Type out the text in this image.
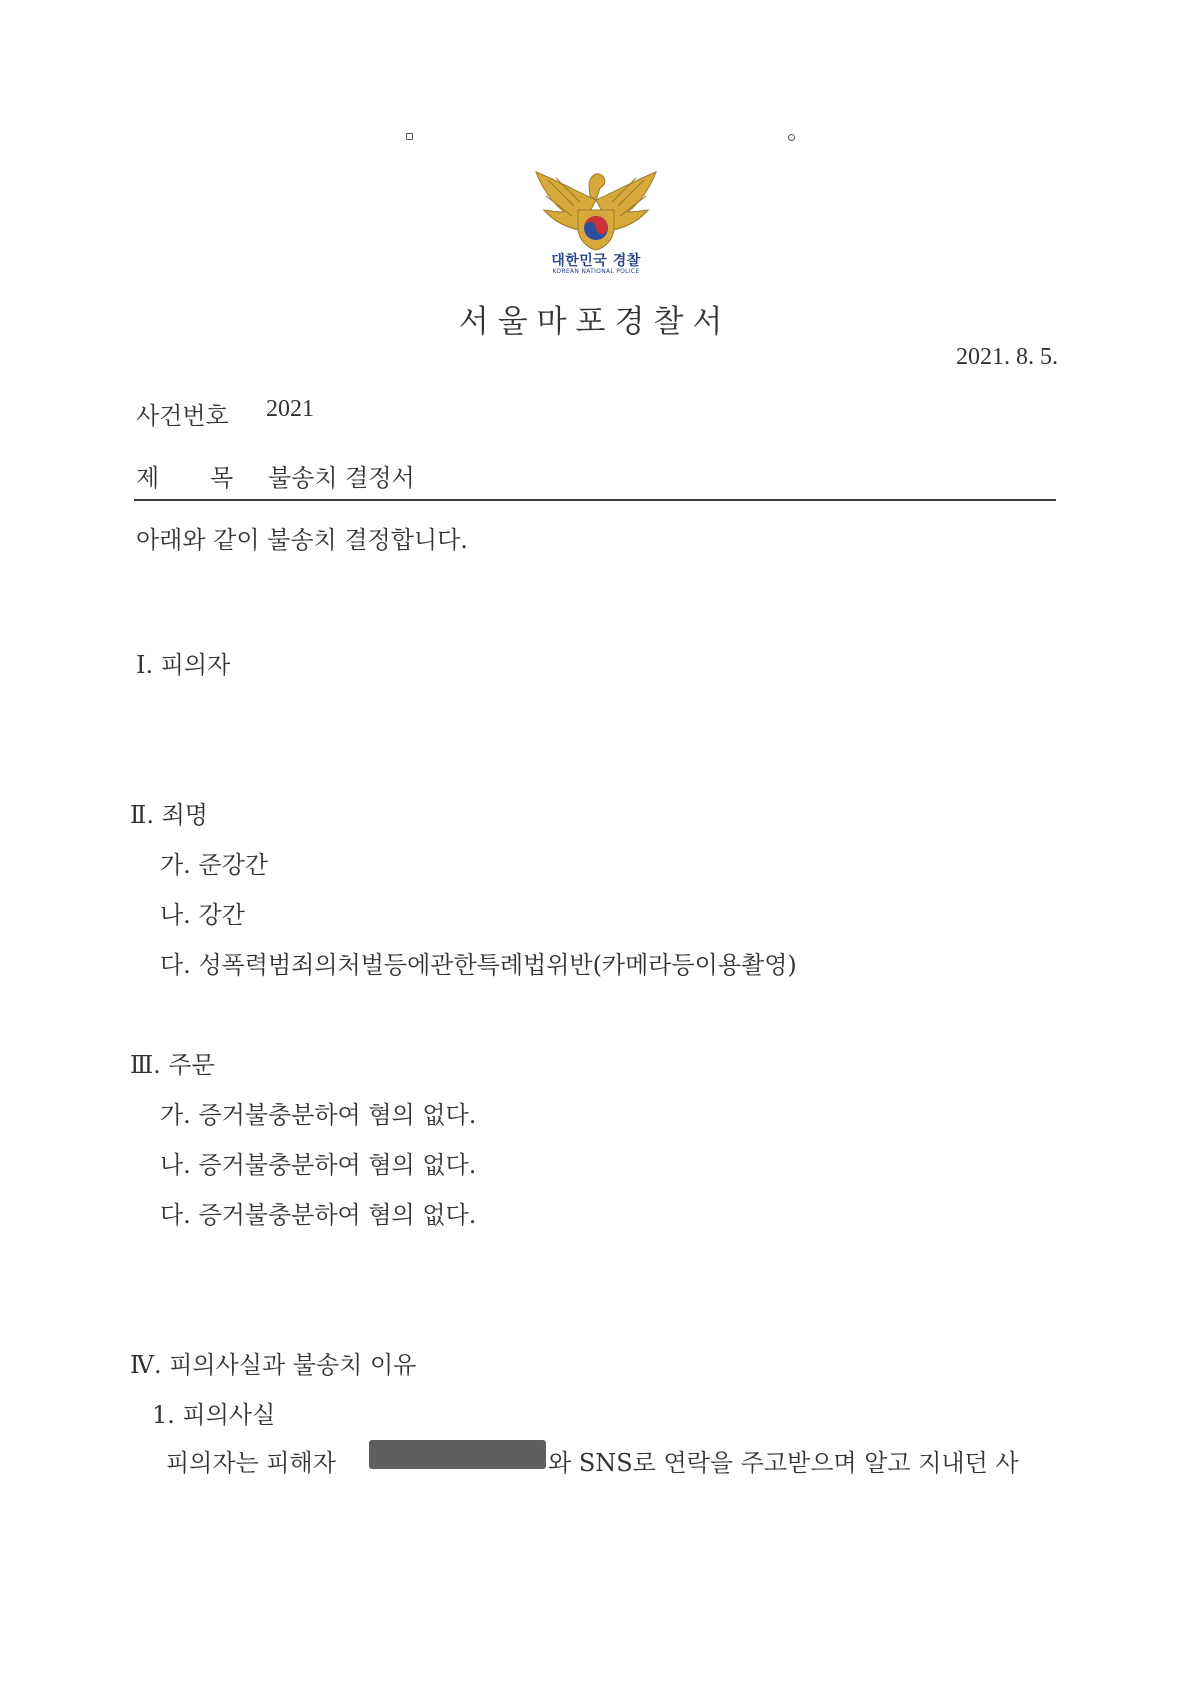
대한민국 경찰
KOREAN NATIONAL POLICE
서울마포경찰서
2021. 8. 5.
사건번호 2021
제 목 불송치 결정서
아래와 같이 불송치 결정합니다.
Ⅰ. 피의자
Ⅱ. 죄명
가. 준강간
나. 강간
다. 성폭력범죄의처벌등에관한특례법위반(카메라등이용촬영)
Ⅲ. 주문
가. 증거불충분하여 혐의 없다.
나. 증거불충분하여 혐의 없다.
다. 증거불충분하여 혐의 없다.
Ⅳ. 피의사실과 불송치 이유
1. 피의사실
피의자는 피해자	와 SNS로 연락을 주고받으며 알고 지내던 사
